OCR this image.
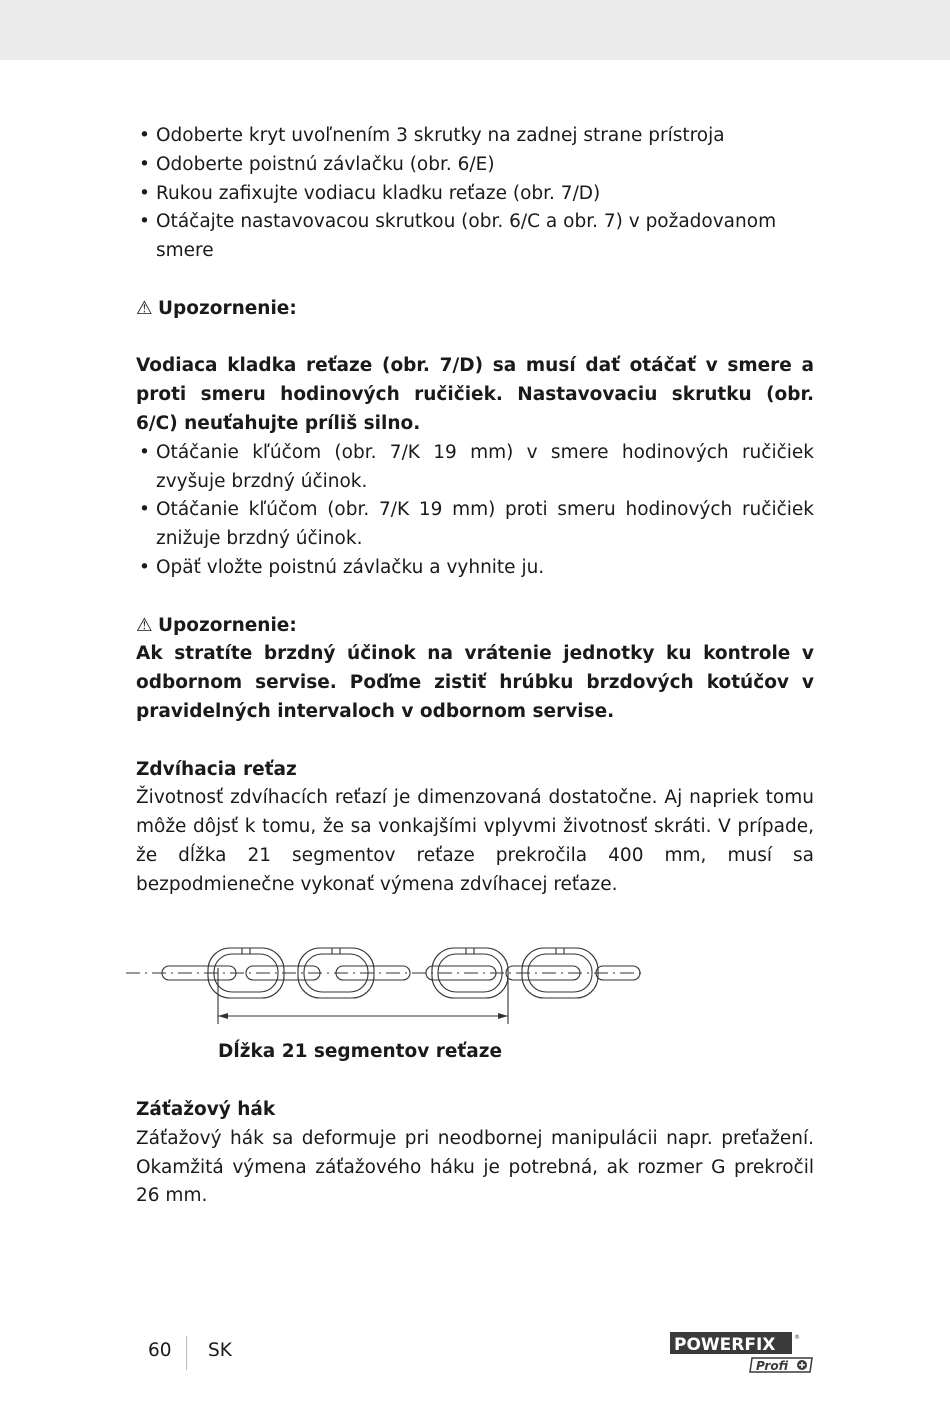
• Odoberte kryt uvoľnením 3 skrutky na zadnej strane prístroja
• Odoberte poistnú závlačku (obr. 6/E)
• Rukou zafixujte vodiacu kladku reťaze (obr. 7/D)
• Otáčajte nastavovacou skrutkou (obr. 6/C a obr. 7) v požadovanom smere
⚠ Upozornenie:
Vodiaca kladka reťaze (obr. 7/D) sa musí dať otáčať v smere a proti smeru hodinových ručičiek. Nastavovaciu skrutku (obr. 6/C) neuťahujte príliš silno.
• Otáčanie kľúčom (obr. 7/K 19 mm) v smere hodinových ručičiek zvyšuje brzdný účinok.
• Otáčanie kľúčom (obr. 7/K 19 mm) proti smeru hodinových ručičiek znižuje brzdný účinok.
• Opäť vložte poistnú závlačku a vyhnite ju.
⚠ Upozornenie:
Ak stratíte brzdný účinok na vrátenie jednotky ku kontrole v odbornom servise. Poďme zistiť hrúbku brzdových kotúčov v pravidelných intervaloch v odbornom servise.
Zdvíhacia reťaz
Životnosť zdvíhacích reťazí je dimenzovaná dostatočne. Aj napriek tomu môže dôjsť k tomu, že sa vonkajšími vplyvmi životnosť skráti. V prípade, že dĺžka 21 segmentov reťaze prekročila 400 mm, musí sa bezpodmienečne vykonať výmena zdvíhacej reťaze.
Dĺžka 21 segmentov reťaze
Záťažový hák
Záťažový hák sa deformuje pri neodbornej manipulácii napr. preťažení. Okamžitá výmena záťažového háku je potrebná, ak rozmer G prekročil 26 mm.
60 SK	POWERFIX	®
Profi
